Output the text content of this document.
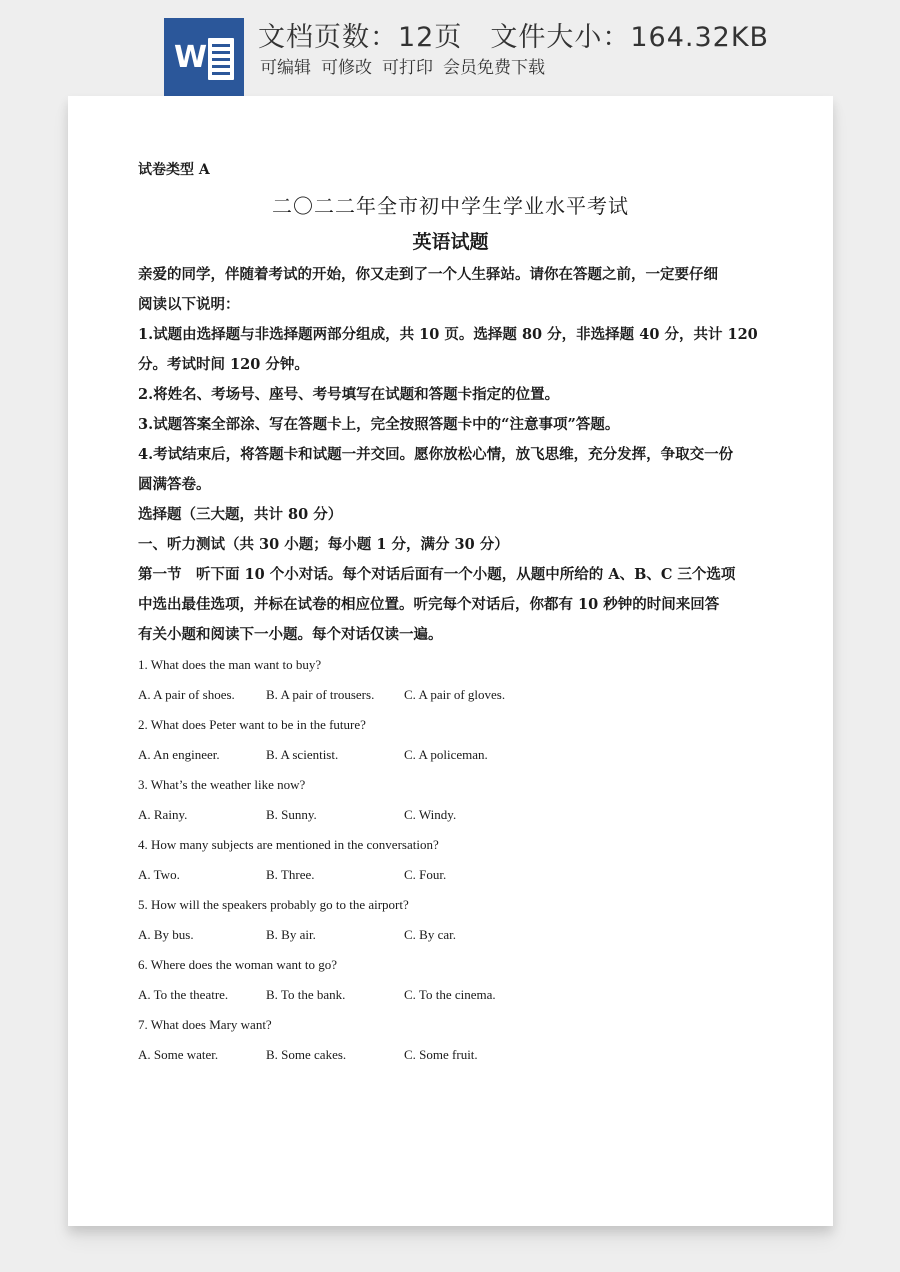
W
文档页数：12页 文件大小：164.32KB
可编辑 可修改 可打印 会员免费下载
试卷类型 A
二〇二二年全市初中学生学业水平考试
英语试题
亲爱的同学，伴随着考试的开始，你又走到了一个人生驿站。请你在答题之前，一定要仔细
阅读以下说明：
1.试题由选择题与非选择题两部分组成，共 10 页。选择题 80 分，非选择题 40 分，共计 120
分。考试时间 120 分钟。
2.将姓名、考场号、座号、考号填写在试题和答题卡指定的位置。
3.试题答案全部涂、写在答题卡上，完全按照答题卡中的“注意事项”答题。
4.考试结束后，将答题卡和试题一并交回。愿你放松心情，放飞思维，充分发挥，争取交一份
圆满答卷。
选择题（三大题，共计 80 分）
一、听力测试（共 30 小题；每小题 1 分，满分 30 分）
第一节　听下面 10 个小对话。每个对话后面有一个小题，从题中所给的 A、B、C 三个选项
中选出最佳选项，并标在试卷的相应位置。听完每个对话后，你都有 10 秒钟的时间来回答
有关小题和阅读下一小题。每个对话仅读一遍。
1. What does the man want to buy?
A. A pair of shoes. B. A pair of trousers. C. A pair of gloves.
2. What does Peter want to be in the future?
A. An engineer.	B. A scientist.	C. A policeman.
3. What’s the weather like now?
A. Rainy.	B. Sunny.	C. Windy.
4. How many subjects are mentioned in the conversation?
A. Two.	B. Three.	C. Four.
5. How will the speakers probably go to the airport?
A. By bus.	B. By air.	C. By car.
6. Where does the woman want to go?
A. To the theatre.	B. To the bank.	C. To the cinema.
7. What does Mary want?
A. Some water.	B. Some cakes.	C. Some fruit.
